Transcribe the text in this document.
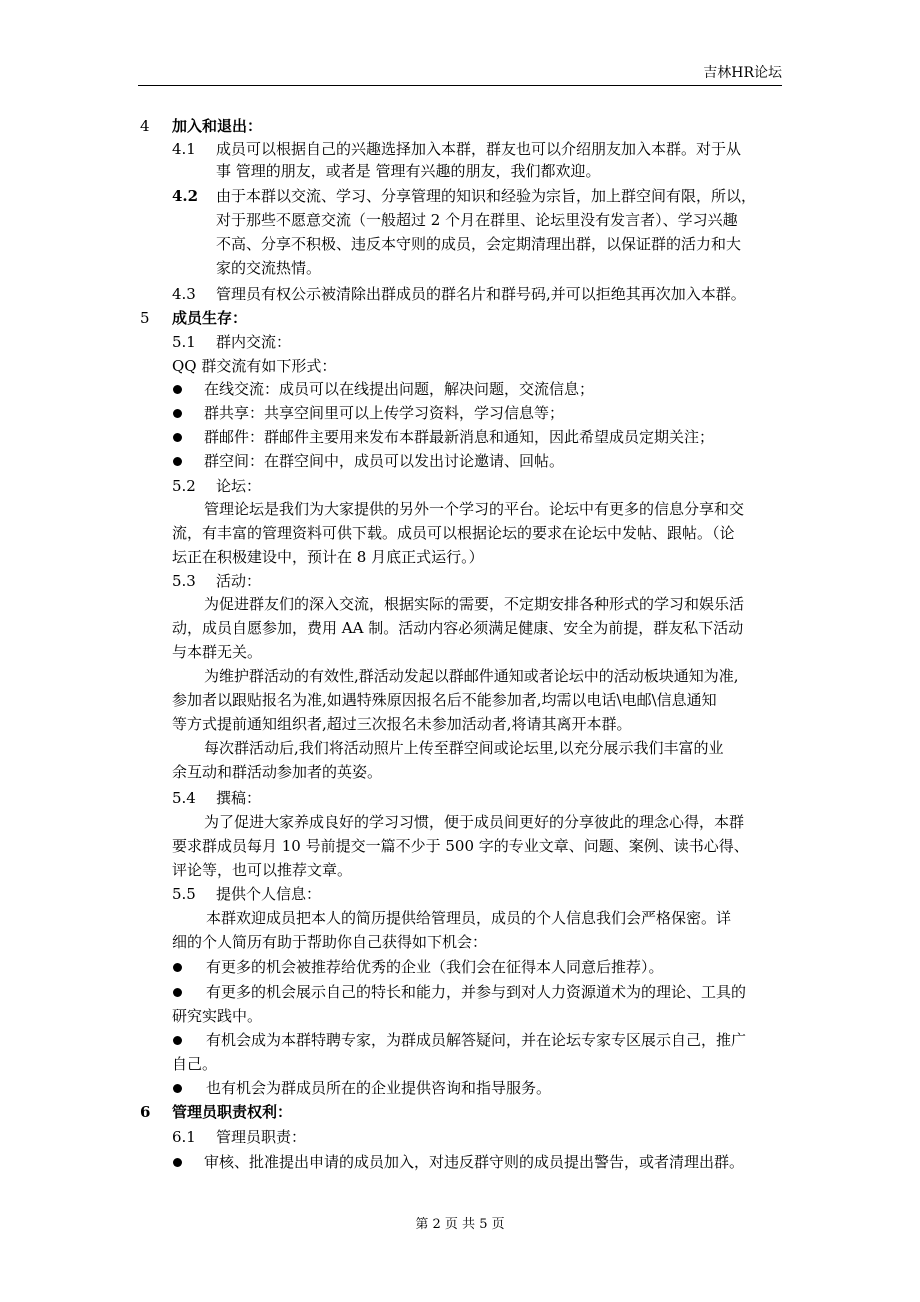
吉林HR论坛
4 加入和退出：
4.1 成员可以根据自己的兴趣选择加入本群，群友也可以介绍朋友加入本群。对于从
事 管理的朋友，或者是 管理有兴趣的朋友，我们都欢迎。
4.2 由于本群以交流、学习、分享管理的知识和经验为宗旨，加上群空间有限，所以，
对于那些不愿意交流（一般超过 2 个月在群里、论坛里没有发言者）、学习兴趣
不高、分享不积极、违反本守则的成员，会定期清理出群，以保证群的活力和大
家的交流热情。
4.3 管理员有权公示被清除出群成员的群名片和群号码,并可以拒绝其再次加入本群。
5 成员生存：
5.1 群内交流：
QQ 群交流有如下形式：
在线交流：成员可以在线提出问题，解决问题，交流信息；
群共享：共享空间里可以上传学习资料，学习信息等；
群邮件：群邮件主要用来发布本群最新消息和通知，因此希望成员定期关注；
群空间：在群空间中，成员可以发出讨论邀请、回帖。
5.2 论坛：
管理论坛是我们为大家提供的另外一个学习的平台。论坛中有更多的信息分享和交
流，有丰富的管理资料可供下载。成员可以根据论坛的要求在论坛中发帖、跟帖。（论
坛正在积极建设中，预计在 8 月底正式运行。）
5.3 活动：
为促进群友们的深入交流，根据实际的需要，不定期安排各种形式的学习和娱乐活
动，成员自愿参加，费用 AA 制。活动内容必须满足健康、安全为前提，群友私下活动
与本群无关。
为维护群活动的有效性,群活动发起以群邮件通知或者论坛中的活动板块通知为准,
参加者以跟贴报名为准,如遇特殊原因报名后不能参加者,均需以电话\电邮\信息通知
等方式提前通知组织者,超过三次报名未参加活动者,将请其离开本群。
每次群活动后,我们将活动照片上传至群空间或论坛里,以充分展示我们丰富的业
余互动和群活动参加者的英姿。
5.4 撰稿：
为了促进大家养成良好的学习习惯，便于成员间更好的分享彼此的理念心得，本群
要求群成员每月 10 号前提交一篇不少于 500 字的专业文章、问题、案例、读书心得、
评论等，也可以推荐文章。
5.5 提供个人信息：
本群欢迎成员把本人的简历提供给管理员，成员的个人信息我们会严格保密。详
细的个人简历有助于帮助你自己获得如下机会：
有更多的机会被推荐给优秀的企业（我们会在征得本人同意后推荐）。
有更多的机会展示自己的特长和能力，并参与到对人力资源道术为的理论、工具的
研究实践中。
有机会成为本群特聘专家，为群成员解答疑问，并在论坛专家专区展示自己，推广
自己。
也有机会为群成员所在的企业提供咨询和指导服务。
6 管理员职责权利：
6.1 管理员职责：
审核、批准提出申请的成员加入，对违反群守则的成员提出警告，或者清理出群。
第 2 页 共 5 页
